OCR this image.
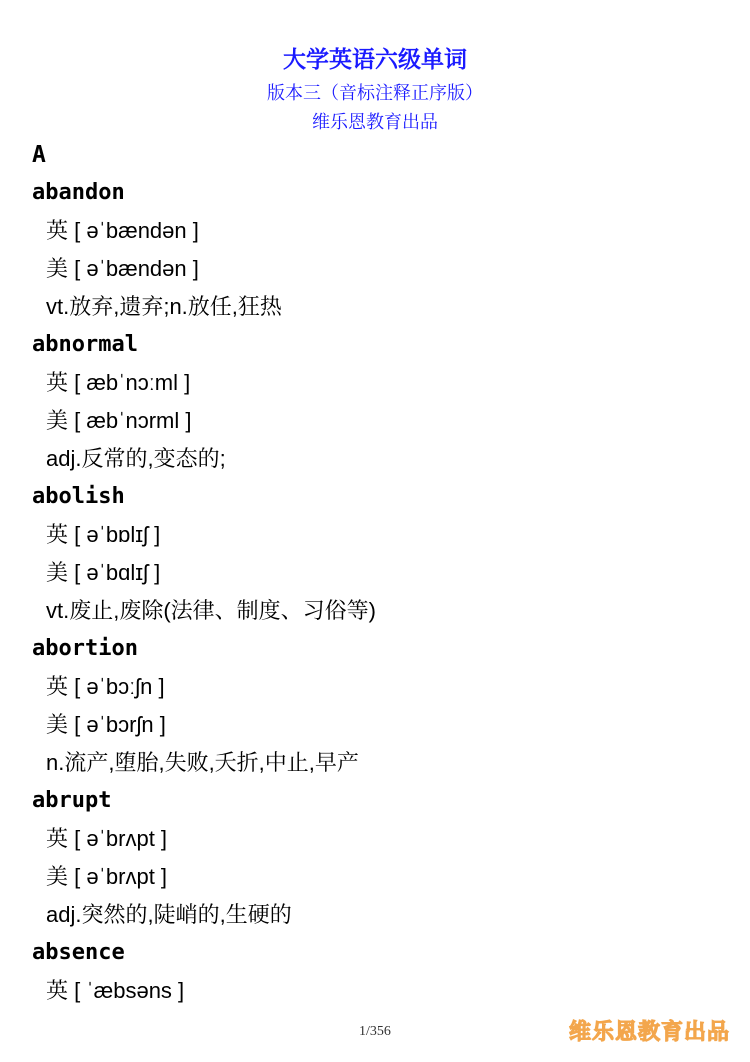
大学英语六级单词
版本三（音标注释正序版）
维乐恩教育出品
A
abandon
英 [ əˈbændən ]
美 [ əˈbændən ]
vt.放弃,遗弃;n.放任,狂热
abnormal
英 [ æbˈnɔːml ]
美 [ æbˈnɔrml ]
adj.反常的,变态的;
abolish
英 [ əˈbɒlɪʃ ]
美 [ əˈbɑlɪʃ ]
vt.废止,废除(法律、制度、习俗等)
abortion
英 [ əˈbɔːʃn ]
美 [ əˈbɔrʃn ]
n.流产,堕胎,失败,夭折,中止,早产
abrupt
英 [ əˈbrʌpt ]
美 [ əˈbrʌpt ]
adj.突然的,陡峭的,生硬的
absence
英 [ ˈæbsəns ]
1/356	维乐恩教育出品
